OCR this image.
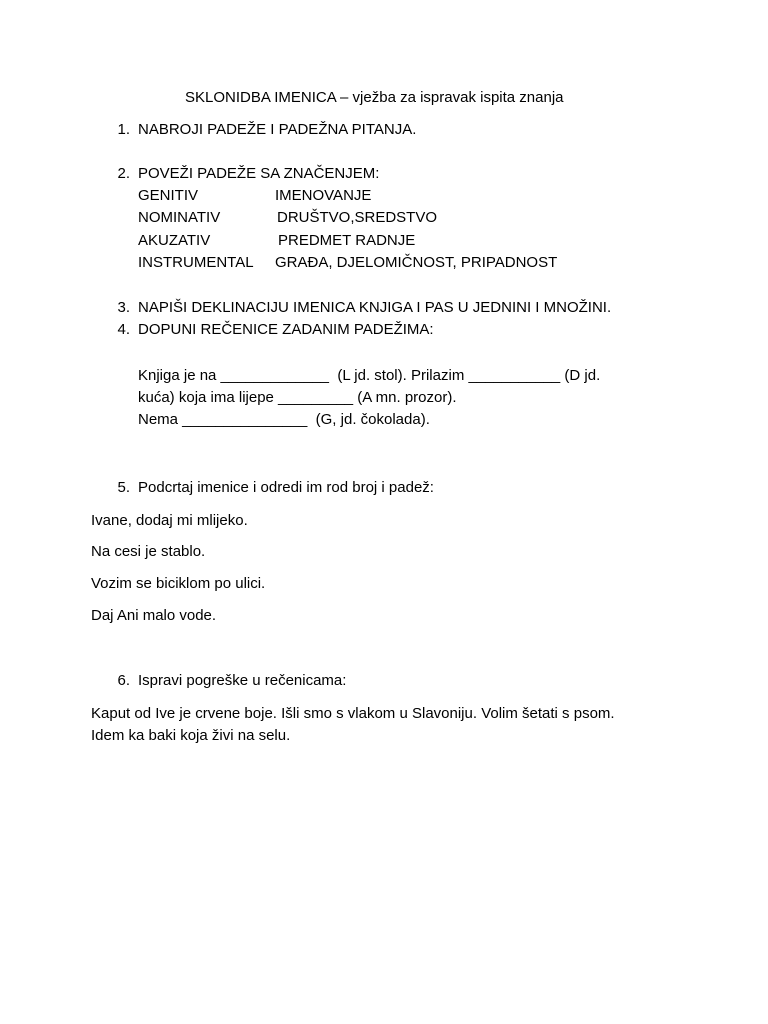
SKLONIDBA IMENICA – vježba za ispravak ispita znanja
1. NABROJI PADEŽE I PADEŽNA PITANJA.
2. POVEŽI PADEŽE SA ZNAČENJEM:
GENITIV	IMENOVANJE
NOMINATIV	DRUŠTVO,SREDSTVO
AKUZATIV	PREDMET RADNJE
INSTRUMENTAL GRAĐA, DJELOMIČNOST, PRIPADNOST
3. NAPIŠI DEKLINACIJU IMENICA KNJIGA I PAS U JEDNINI I MNOŽINI.
4. DOPUNI REČENICE ZADANIM PADEŽIMA:
Knjiga je na _____________  (L jd. stol). Prilazim ___________ (D jd.
kuća) koja ima lijepe _________ (A mn. prozor).
Nema _______________  (G, jd. čokolada).
5. Podcrtaj imenice i odredi im rod broj i padež:
Ivane, dodaj mi mlijeko.
Na cesi je stablo.
Vozim se biciklom po ulici.
Daj Ani malo vode.
6. Ispravi pogreške u rečenicama:
Kaput od Ive je crvene boje. Išli smo s vlakom u Slavoniju. Volim šetati s psom.
Idem ka baki koja živi na selu.
